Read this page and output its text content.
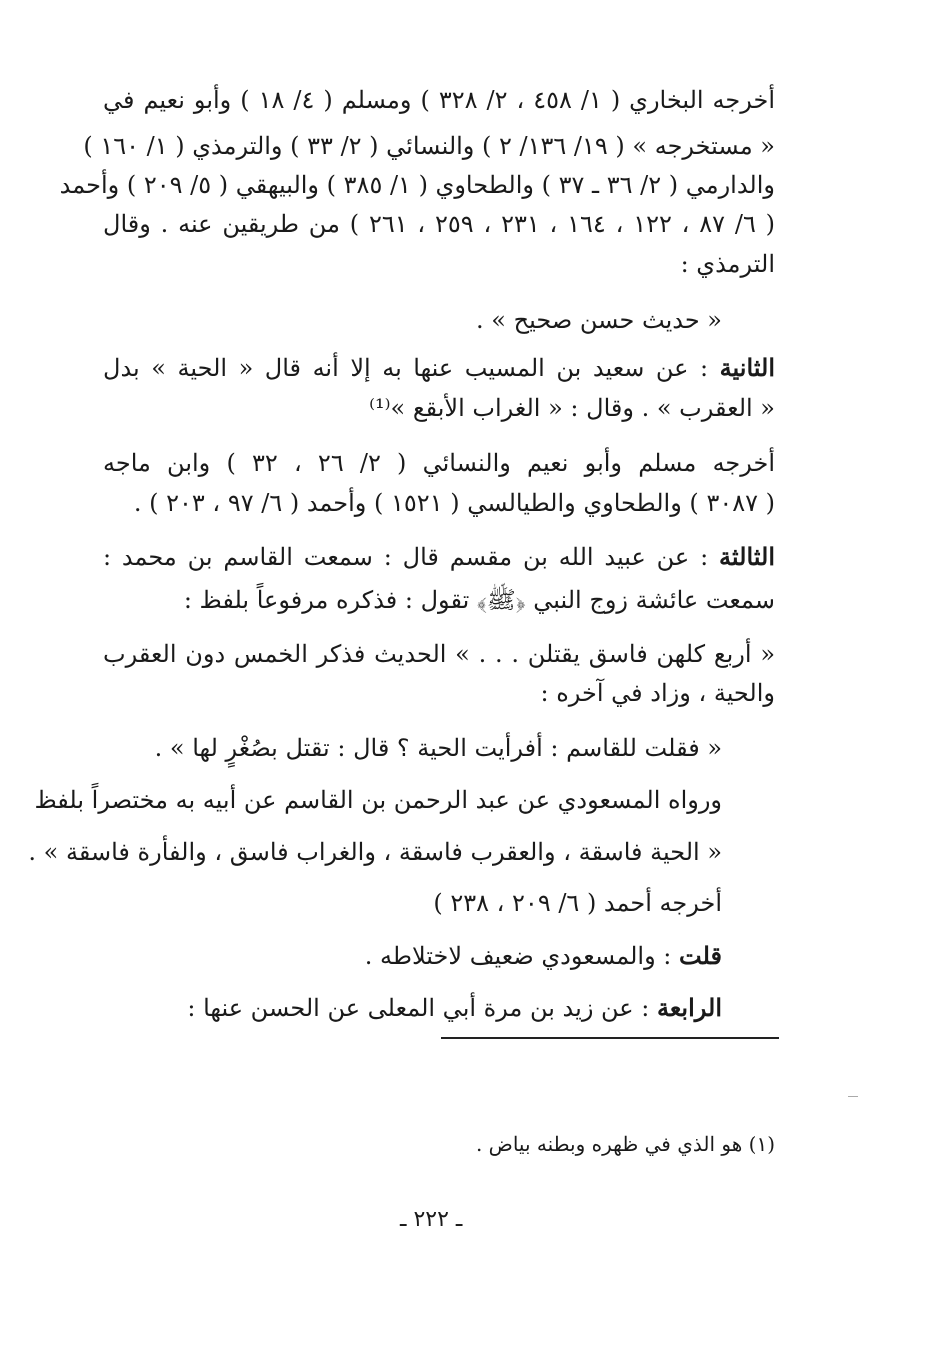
أخرجه البخاري ( ١/ ٤٥٨ ، ٢/ ٣٢٨ ) ومسلم ( ٤/ ١٨ ) وأبو نعيم في
« مستخرجه » ( ١٩/ ١٣٦/ ٢ ) والنسائي ( ٢/ ٣٣ ) والترمذي ( ١/ ١٦٠ )
والدارمي ( ٢/ ٣٦ ـ ٣٧ ) والطحاوي ( ١/ ٣٨٥ ) والبيهقي ( ٥/ ٢٠٩ ) وأحمد
( ٦/ ٨٧ ، ١٢٢ ، ١٦٤ ، ٢٣١ ، ٢٥٩ ، ٢٦١ ) من طريقين عنه . وقال
الترمذي :
« حديث حسن صحيح » .
الثانية : عن سعيد بن المسيب عنها به إلا أنه قال « الحية » بدل
« العقرب » . وقال : « الغراب الأبقع »⁽¹⁾
أخرجه مسلم وأبو نعيم والنسائي ( ٢/ ٢٦ ، ٣٢ ) وابن ماجه
( ٣٠٨٧ ) والطحاوي والطيالسي ( ١٥٢١ ) وأحمد ( ٦/ ٩٧ ، ٢٠٣ ) .
الثالثة : عن عبيد الله بن مقسم قال : سمعت القاسم بن محمد :
سمعت عائشة زوج النبي ﴿ﷺ﴾ تقول : فذكره مرفوعاً بلفظ :
« أربع كلهن فاسق يقتلن . . . » الحديث فذكر الخمس دون العقرب
والحية ، وزاد في آخره :
« فقلت للقاسم : أفرأيت الحية ؟ قال : تقتل بصُغْرٍ لها » .
ورواه المسعودي عن عبد الرحمن بن القاسم عن أبيه به مختصراً بلفظ
« الحية فاسقة ، والعقرب فاسقة ، والغراب فاسق ، والفأرة فاسقة » .
أخرجه أحمد ( ٦/ ٢٠٩ ، ٢٣٨ )
قلت : والمسعودي ضعيف لاختلاطه .
الرابعة : عن زيد بن مرة أبي المعلى عن الحسن عنها :
(١) هو الذي في ظهره وبطنه بياض .
ـ ٢٢٢ ـ
